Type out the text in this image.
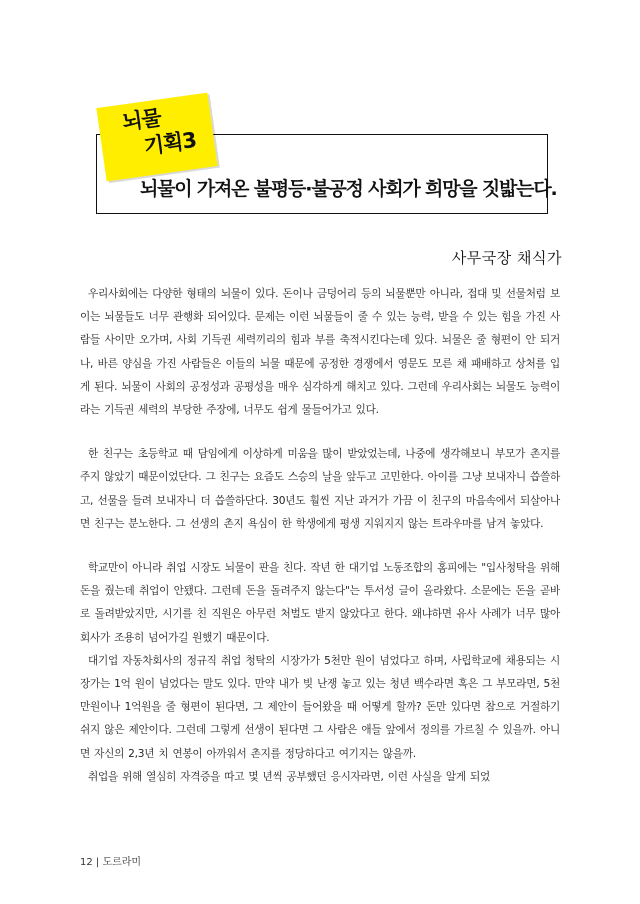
뇌물
기획3
뇌물이 가져온 불평등·불공정 사회가 희망을 짓밟는다.
사무국장 채식가

우리사회에는 다양한 형태의 뇌물이 있다. 돈이나 금덩어리 등의 뇌물뿐만 아니라, 접대 및 선물처럼 보이는 뇌물들도 너무 관행화 되어있다. 문제는 이런 뇌물들이 줄 수 있는 능력, 받을 수 있는 힘을 가진 사람들 사이만 오가며, 사회 기득권 세력끼리의 힘과 부를 축적시킨다는데 있다. 뇌물은 줄 형편이 안 되거나, 바른 양심을 가진 사람들은 이들의 뇌물 때문에 공정한 경쟁에서 영문도 모른 채 패배하고 상처를 입게 된다. 뇌물이 사회의 공정성과 공평성을 매우 심각하게 해치고 있다. 그런데 우리사회는 뇌물도 능력이라는 기득권 세력의 부당한 주장에, 너무도 쉽게 물들어가고 있다.

한 친구는 초등학교 때 담임에게 이상하게 미움을 많이 받았었는데, 나중에 생각해보니 부모가 촌지를 주지 않았기 때문이었단다. 그 친구는 요즘도 스승의 날을 앞두고 고민한다. 아이를 그냥 보내자니 씁쓸하고, 선물을 들려 보내자니 더 씁쓸하단다. 30년도 훨씬 지난 과거가 가끔 이 친구의 마음속에서 되살아나면 친구는 분노한다. 그 선생의 촌지 욕심이 한 학생에게 평생 지워지지 않는 트라우마를 남겨 놓았다.

학교만이 아니라 취업 시장도 뇌물이 판을 친다. 작년 한 대기업 노동조합의 홈피에는 "입사청탁을 위해 돈을 줬는데 취업이 안됐다. 그런데 돈을 돌려주지 않는다"는 투서성 글이 올라왔다. 소문에는 돈을 곧바로 돌려받았지만, 시기를 친 직원은 아무런 처벌도 받지 않았다고 한다. 왜냐하면 유사 사례가 너무 많아 회사가 조용히 넘어가길 원했기 때문이다.

대기업 자동차회사의 정규직 취업 청탁의 시장가가 5천만 원이 넘었다고 하며, 사립학교에 채용되는 시장가는 1억 원이 넘었다는 말도 있다. 만약 내가 빚 난쟁 놓고 있는 청년 백수라면 혹은 그 부모라면, 5천만원이나 1억원을 줄 형편이 된다면, 그 제안이 들어왔을 때 어떻게 할까? 돈만 있다면 참으로 거절하기 쉬지 않은 제안이다. 그런데 그렇게 선생이 된다면 그 사람은 애들 앞에서 정의를 가르칠 수 있을까. 아니면 자신의 2,3년 치 연봉이 아까워서 촌지를 정당하다고 여기지는 않을까.

취업을 위해 열심히 자격증을 따고 몇 년씩 공부했던 응시자라면, 이런 사실을 알게 되었

12 | 도르라미
